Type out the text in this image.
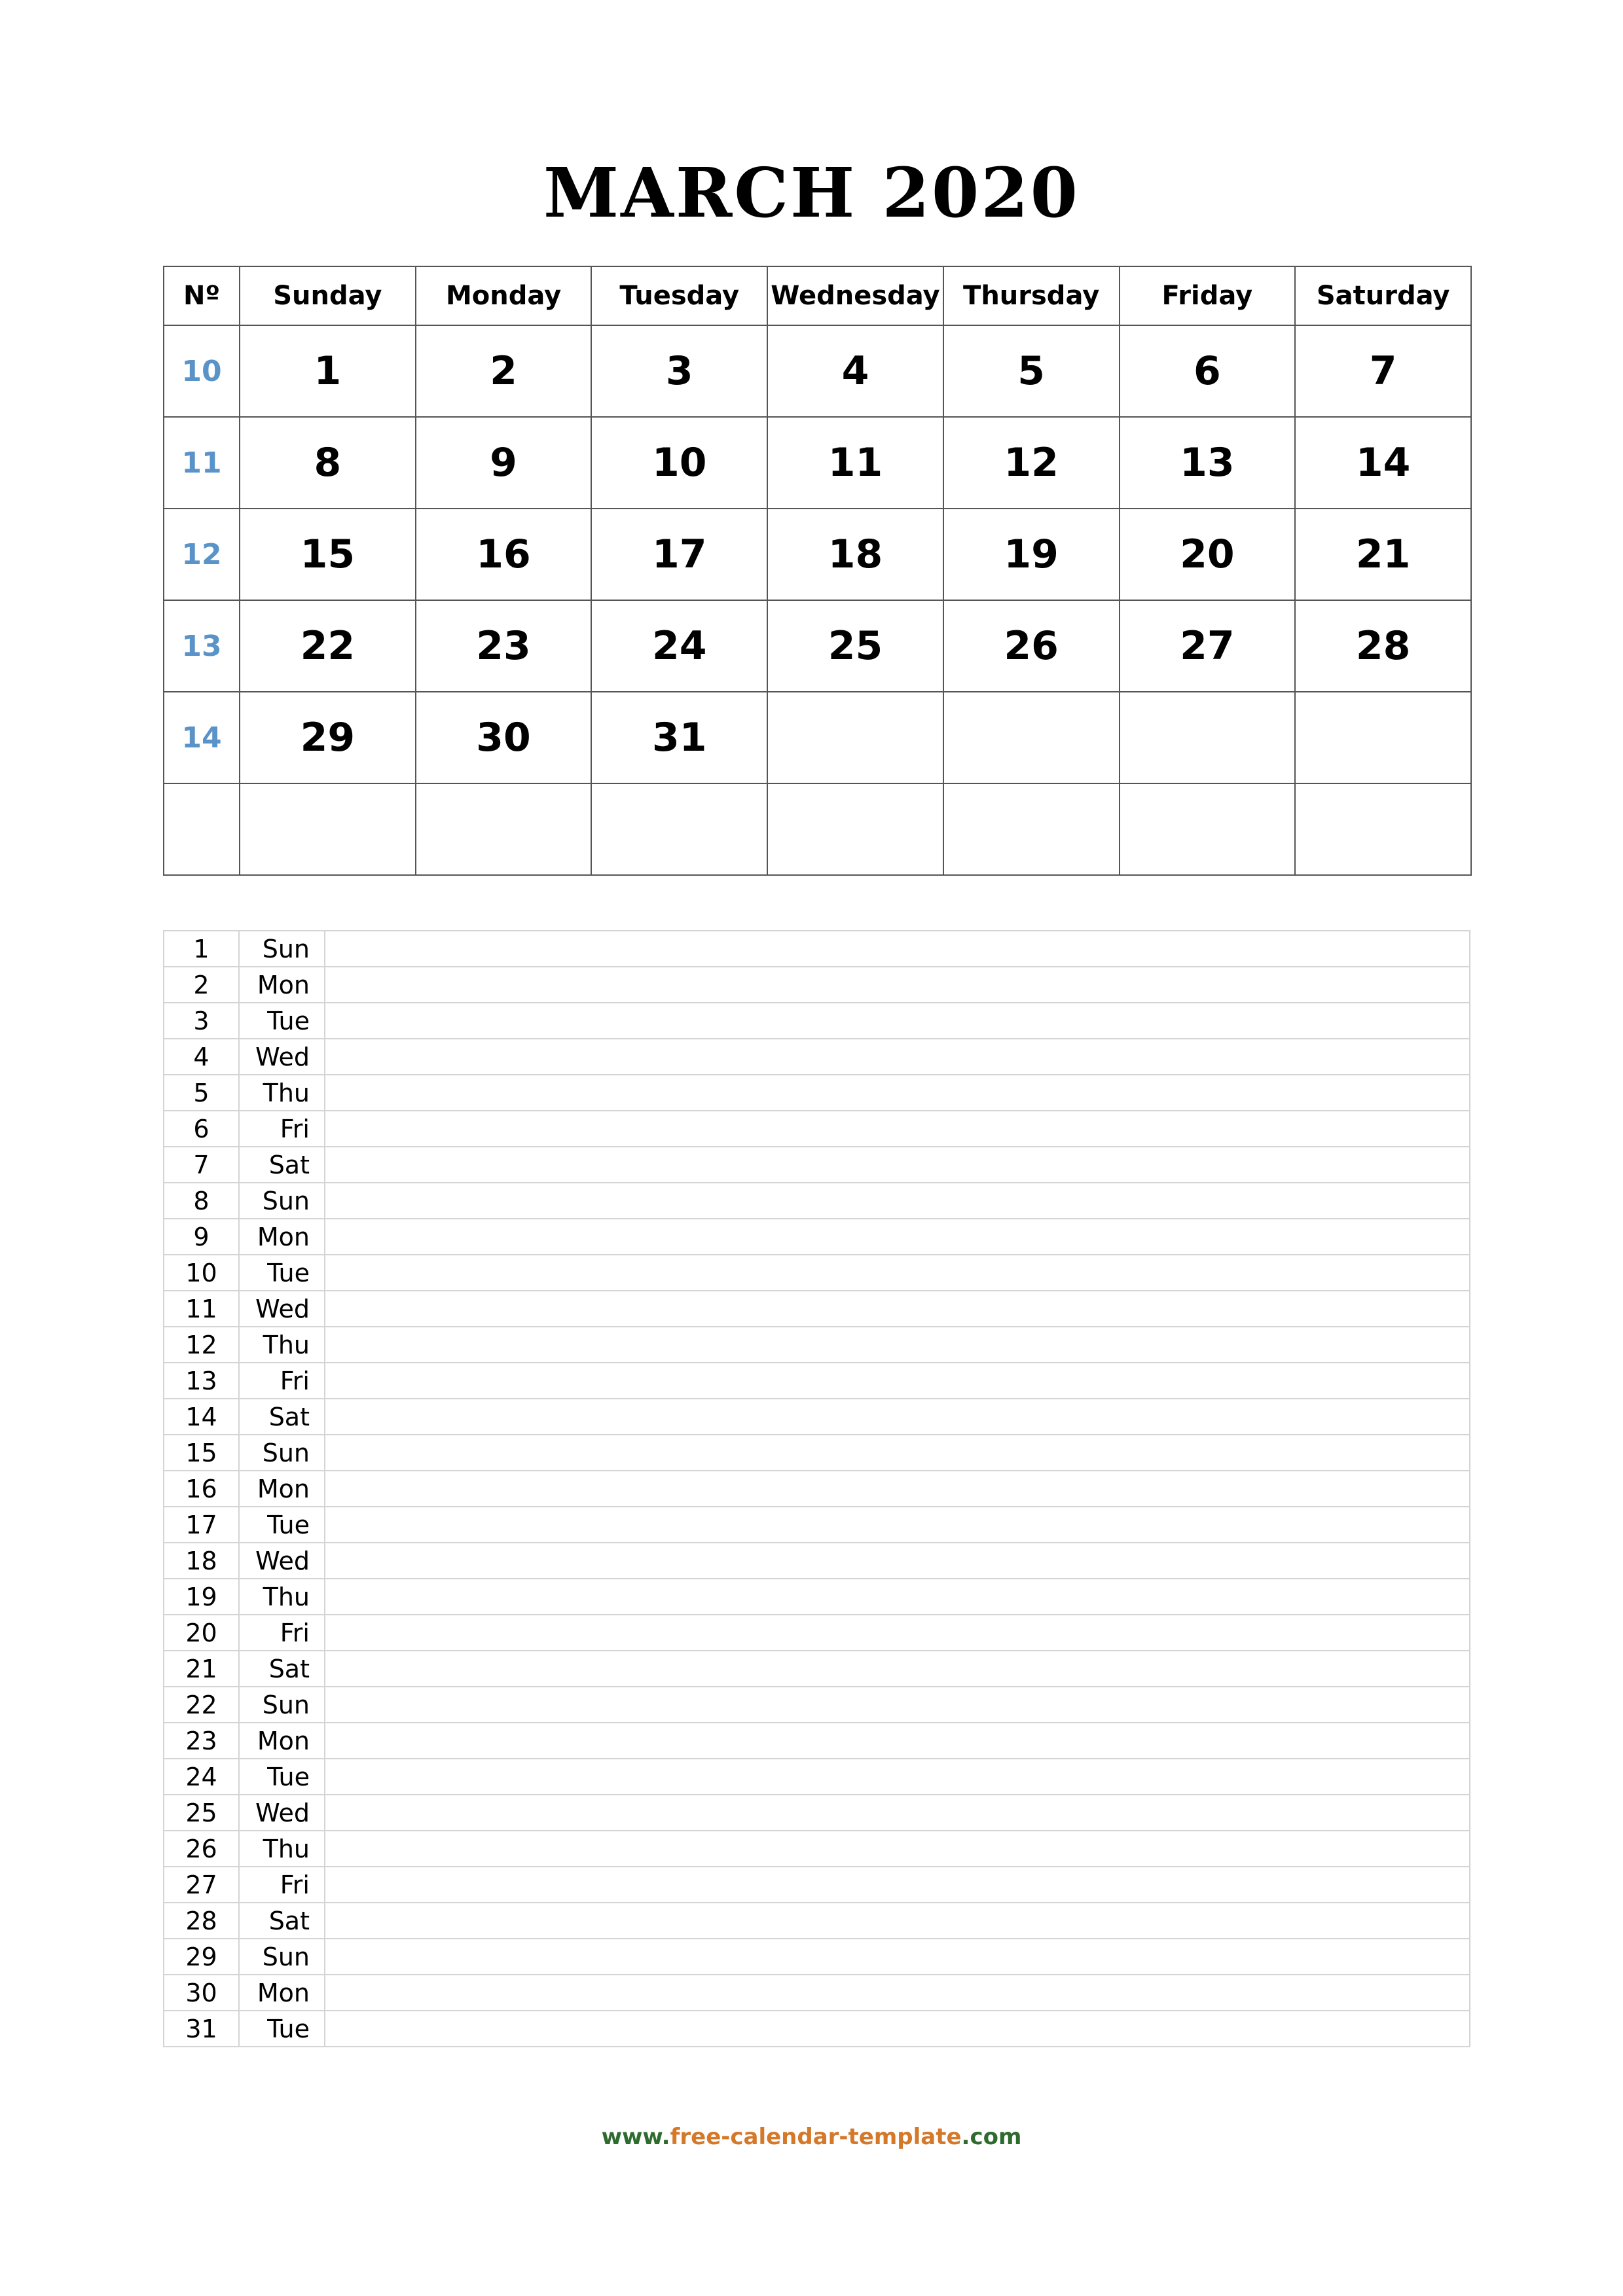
MARCH 2020
Nº	Sunday	Monday	Tuesday	Wednesday	Thursday	Friday	Saturday
10	1	2	3	4	5	6	7
11	8	9	10	11	12	13	14
12	15	16	17	18	19	20	21
13	22	23	24	25	26	27	28
14	29	30	31				

1	Sun	
2	Mon	
3	Tue	
4	Wed	
5	Thu	
6	Fri	
7	Sat	
8	Sun	
9	Mon	
10	Tue	
11	Wed	
12	Thu	
13	Fri	
14	Sat	
15	Sun	
16	Mon	
17	Tue	
18	Wed	
19	Thu	
20	Fri	
21	Sat	
22	Sun	
23	Mon	
24	Tue	
25	Wed	
26	Thu	
27	Fri	
28	Sat	
29	Sun	
30	Mon	
31	Tue	
www.free-calendar-template.com
